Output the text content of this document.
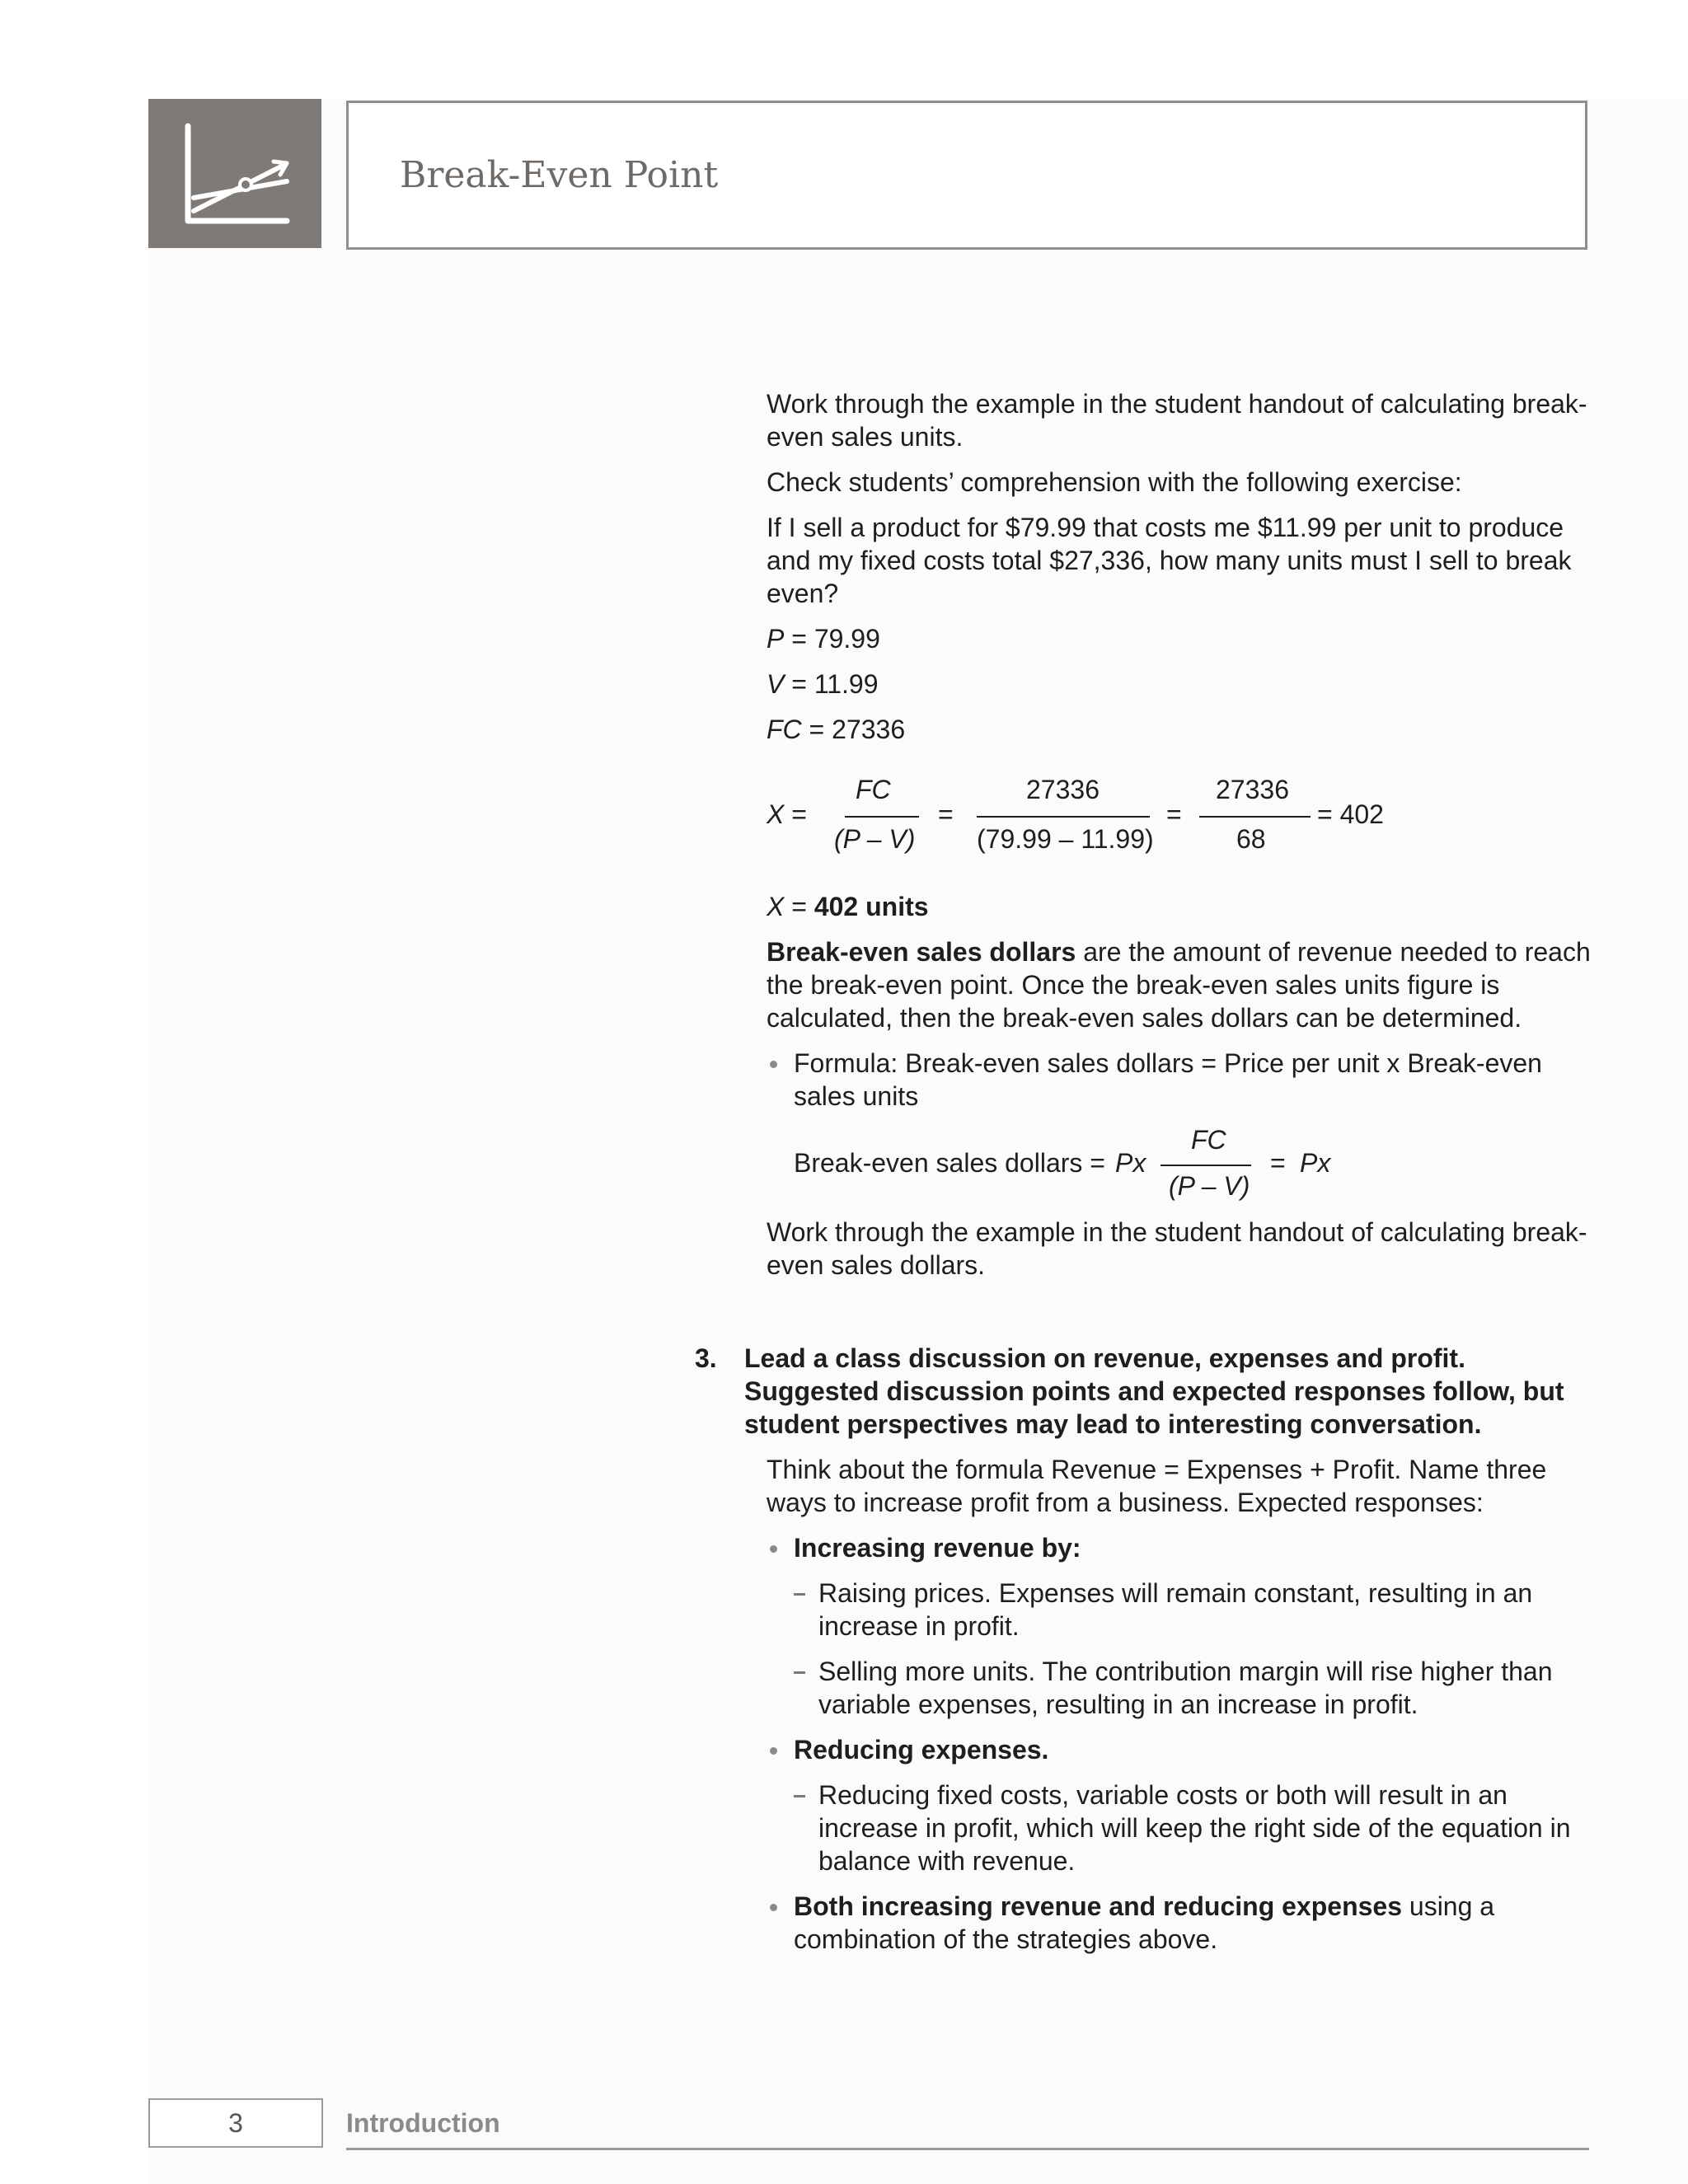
Break-Even Point

Work through the example in the student handout of calculating break-even sales units.

Check students’ comprehension with the following exercise:

If I sell a product for $79.99 that costs me $11.99 per unit to produce and my fixed costs total $27,336, how many units must I sell to break even?

P = 79.99

V = 11.99

FC = 27336

X =
FC
(P – V)
=
27336
(79.99 – 11.99)
=
27336
68
= 402

X = 402 units

Break-even sales dollars are the amount of revenue needed to reach the break-even point. Once the break-even sales units figure is calculated, then the break-even sales dollars can be determined.

Formula: Break-even sales dollars = Price per unit x Break-even sales units
Break-even sales dollars = Px
FC
(P – V)
= Px

Work through the example in the student handout of calculating break-even sales dollars.

3. Lead a class discussion on revenue, expenses and profit. Suggested discussion points and expected responses follow, but student perspectives may lead to interesting conversation.

Think about the formula Revenue = Expenses + Profit. Name three ways to increase profit from a business. Expected responses:

Increasing revenue by:
Raising prices. Expenses will remain constant, resulting in an increase in profit.
Selling more units. The contribution margin will rise higher than variable expenses, resulting in an increase in profit.
Reducing expenses.
Reducing fixed costs, variable costs or both will result in an increase in profit, which will keep the right side of the equation in balance with revenue.
Both increasing revenue and reducing expenses using a combination of the strategies above.
3	Introduction
